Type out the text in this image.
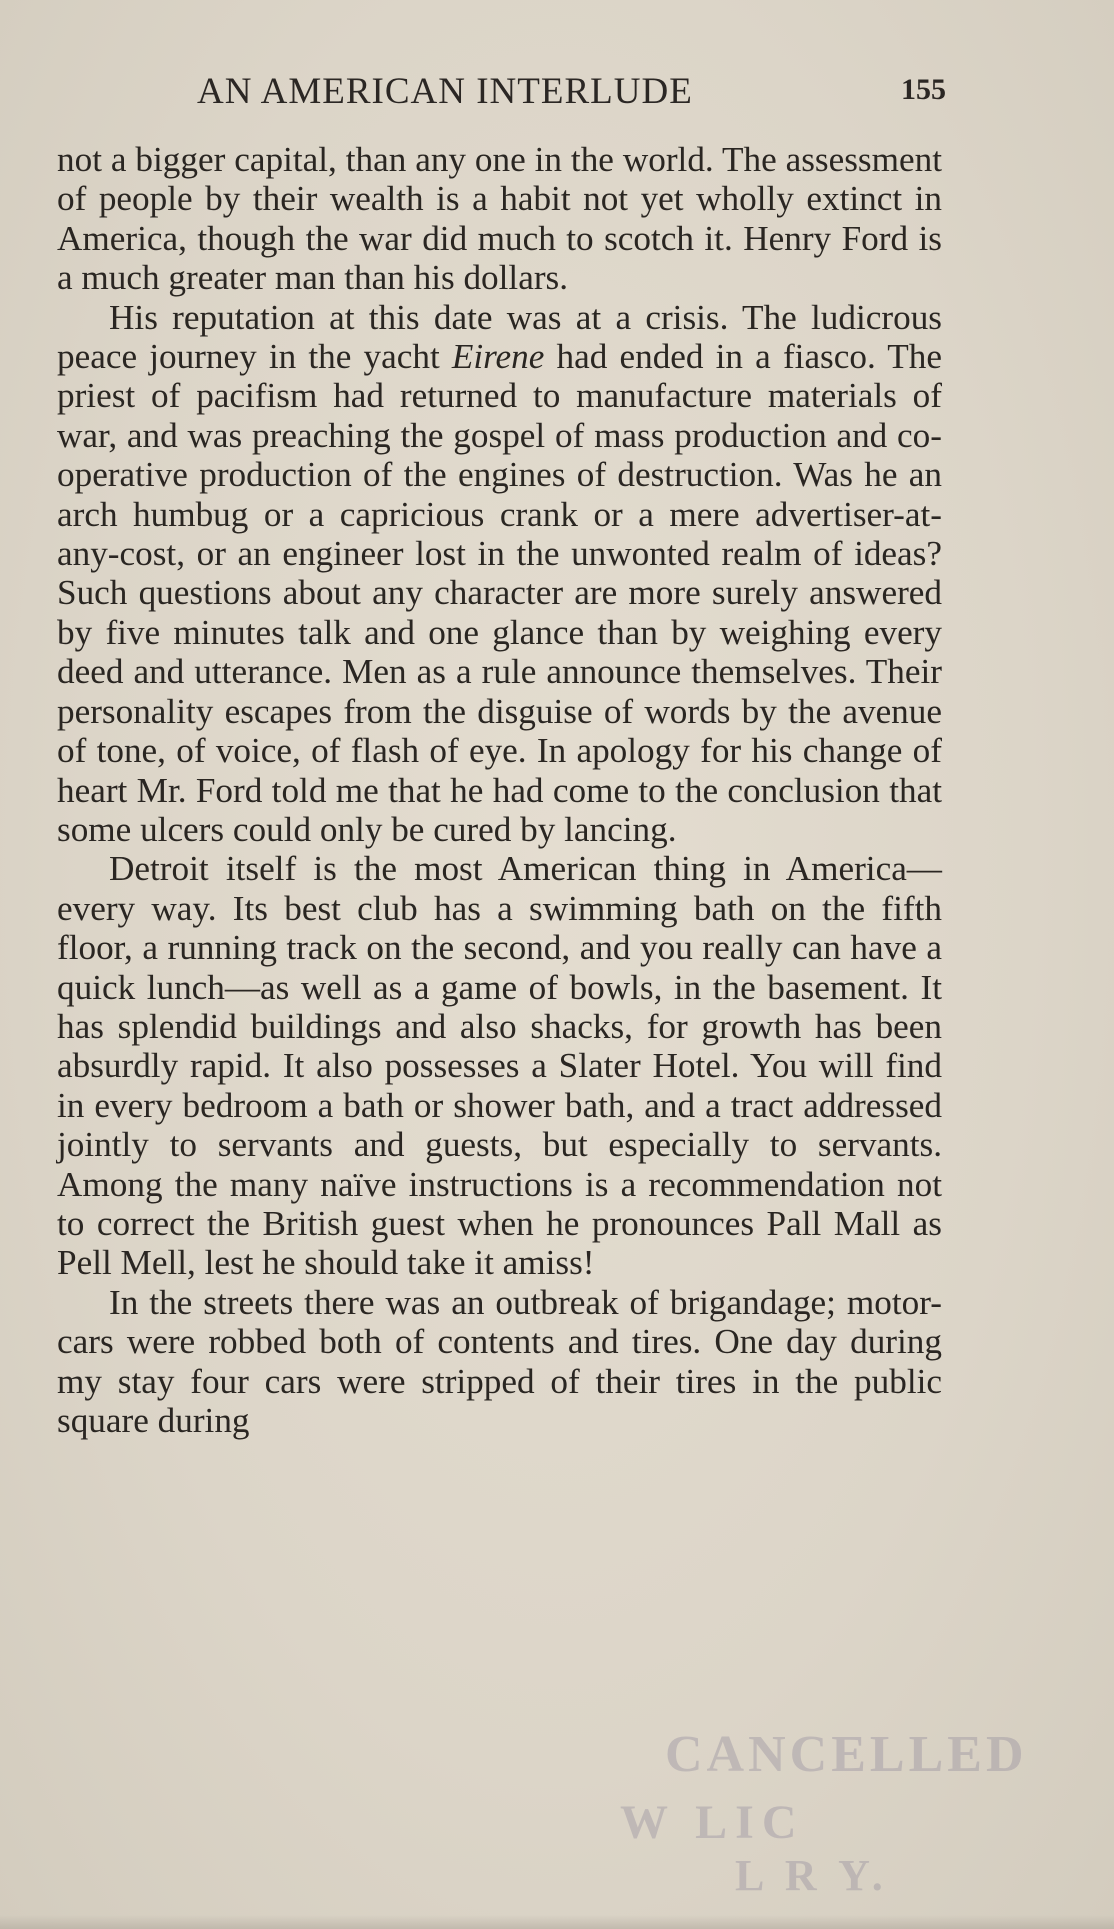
AN AMERICAN INTERLUDE	155

not a bigger capital, than any one in the world. The assessment of people by their wealth is a habit not yet wholly extinct in America, though the war did much to scotch it. Henry Ford is a much greater man than his dollars.

His reputation at this date was at a crisis. The ludicrous peace journey in the yacht Eirene had ended in a fiasco. The priest of pacifism had returned to manufacture materials of war, and was preaching the gospel of mass production and co-operative production of the engines of destruction. Was he an arch humbug or a capricious crank or a mere advertiser-at-any-cost, or an engineer lost in the unwonted realm of ideas? Such questions about any character are more surely answered by five minutes talk and one glance than by weighing every deed and utterance. Men as a rule announce themselves. Their personality escapes from the disguise of words by the avenue of tone, of voice, of flash of eye. In apology for his change of heart Mr. Ford told me that he had come to the conclusion that some ulcers could only be cured by lancing.

Detroit itself is the most American thing in America—every way. Its best club has a swimming bath on the fifth floor, a running track on the second, and you really can have a quick lunch—as well as a game of bowls, in the basement. It has splendid buildings and also shacks, for growth has been absurdly rapid. It also possesses a Slater Hotel. You will find in every bedroom a bath or shower bath, and a tract addressed jointly to servants and guests, but especially to servants. Among the many naïve instructions is a recommendation not to correct the British guest when he pronounces Pall Mall as Pell Mell, lest he should take it amiss!

In the streets there was an outbreak of brigandage; motor-cars were robbed both of contents and tires. One day during my stay four cars were stripped of their tires in the public square during

CANCELLED
W LIC
L R Y.
